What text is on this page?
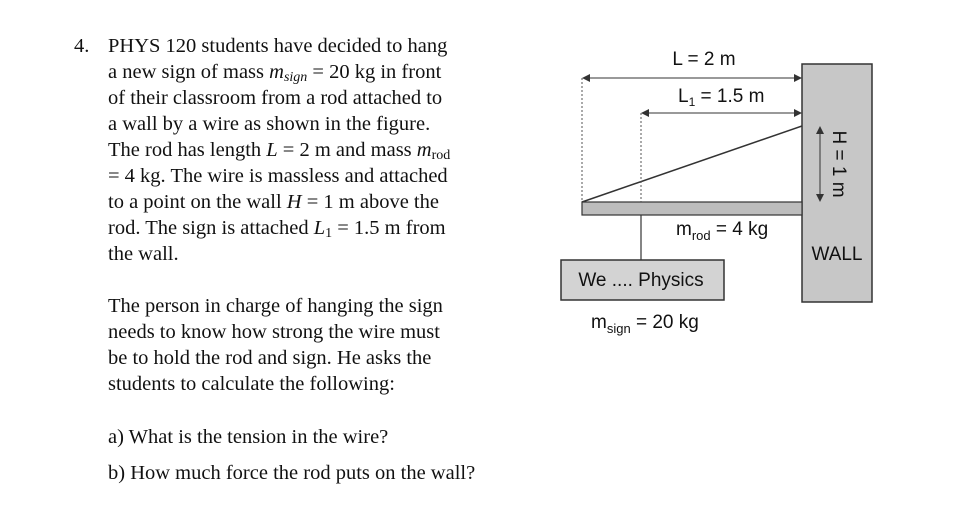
4. PHYS 120 students have decided to hang
a new sign of mass $m_{sign} = 20$ kg in front
of their classroom from a rod attached to
a wall by a wire as shown in the figure.
The rod has length L = 2 m and mass $m_{rod}$
= 4 kg. The wire is massless and attached
to a point on the wall H = 1 m above the
rod. The sign is attached $L_1 = 1.5$ m from
the wall.
The person in charge of hanging the sign
needs to know how strong the wire must
be to hold the rod and sign. He asks the
students to calculate the following:
a) What is the tension in the wire?
b) How much force the rod puts on the wall?
L = 2 m
$L_1 = 1.5$ m
H = 1 m
WALL
$m_{rod} = 4$ kg
We .... Physics
$m_{sign} = 20$ kg
